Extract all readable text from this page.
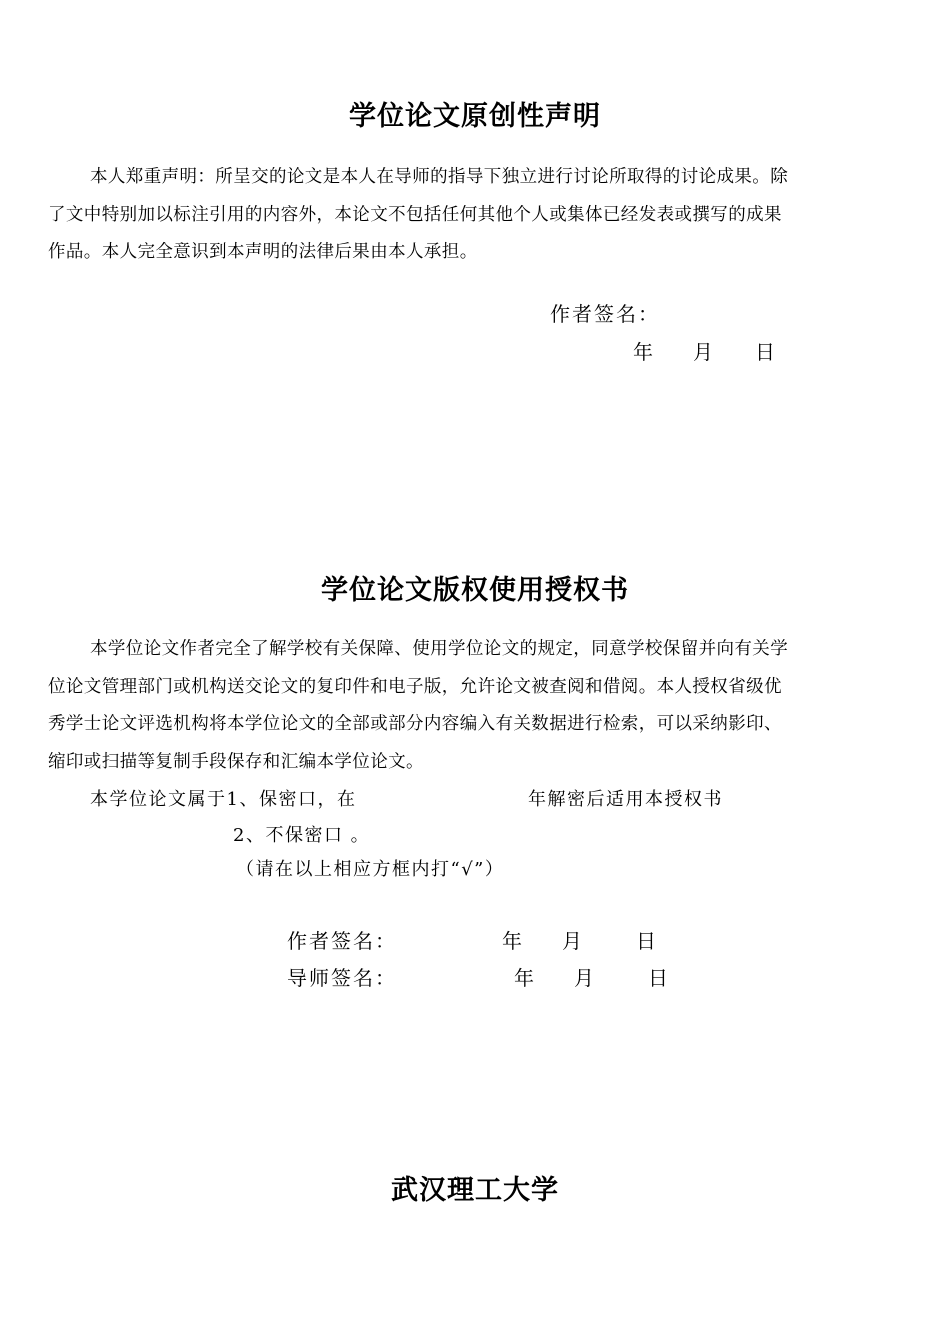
学位论文原创性声明
本人郑重声明：所呈交的论文是本人在导师的指导下独立进行讨论所取得的讨论成果。除
了文中特别加以标注引用的内容外，本论文不包括任何其他个人或集体已经发表或撰写的成果
作品。本人完全意识到本声明的法律后果由本人承担。
作者签名：
年 月 日
学位论文版权使用授权书
本学位论文作者完全了解学校有关保障、使用学位论文的规定，同意学校保留并向有关学
位论文管理部门或机构送交论文的复印件和电子版，允许论文被查阅和借阅。本人授权省级优
秀学士论文评选机构将本学位论文的全部或部分内容编入有关数据进行检索，可以采纳影印、
缩印或扫描等复制手段保存和汇编本学位论文。
本学位论文属于1、保密口，在	年解密后适用本授权书
2、不保密口 。
（请在以上相应方框内打“√”）
作者签名：	年 月	日
导师签名：	年 月	日
武汉理工大学
